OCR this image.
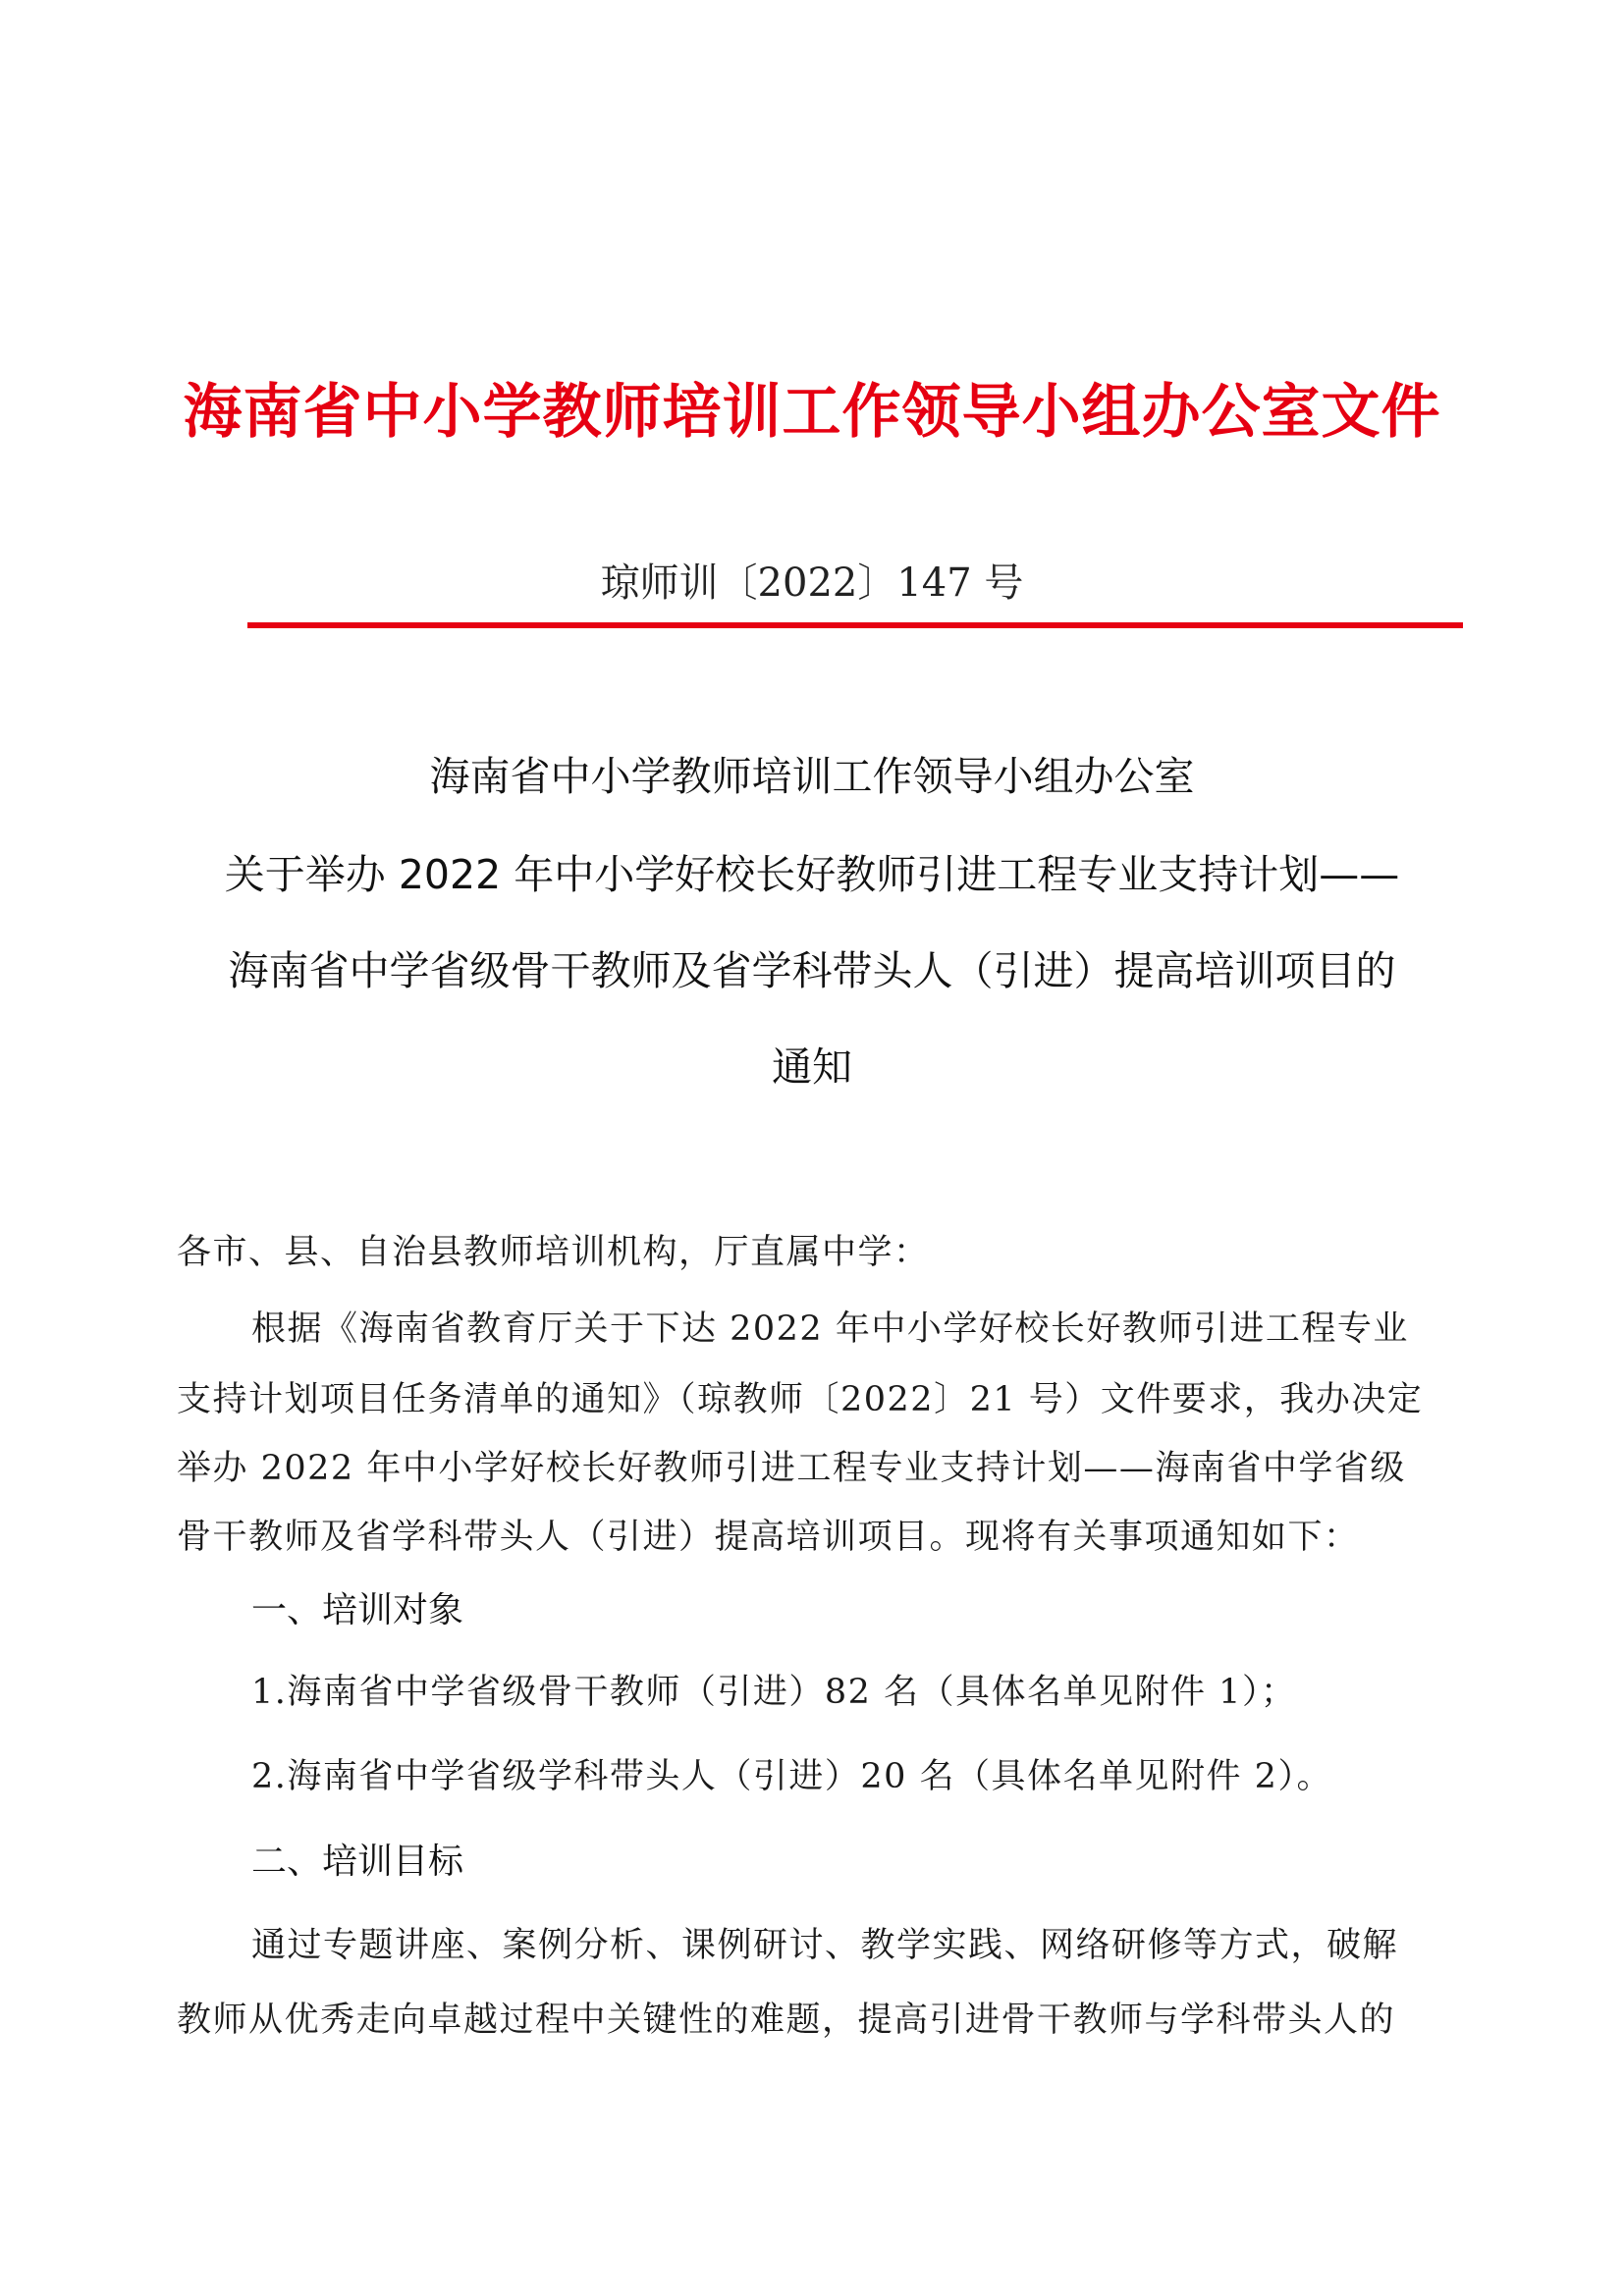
海南省中小学教师培训工作领导小组办公室文件
琼师训〔2022〕147 号
海南省中小学教师培训工作领导小组办公室
关于举办 2022 年中小学好校长好教师引进工程专业支持计划——
海南省中学省级骨干教师及省学科带头人（引进）提高培训项目的
通知
各市、县、自治县教师培训机构，厅直属中学：
根据《海南省教育厅关于下达 2022 年中小学好校长好教师引进工程专业
支持计划项目任务清单的通知》（琼教师〔2022〕21 号）文件要求，我办决定
举办 2022 年中小学好校长好教师引进工程专业支持计划——海南省中学省级
骨干教师及省学科带头人（引进）提高培训项目。现将有关事项通知如下：
一、培训对象
1.海南省中学省级骨干教师（引进）82 名（具体名单见附件 1）；
2.海南省中学省级学科带头人（引进）20 名（具体名单见附件 2）。
二、培训目标
通过专题讲座、案例分析、课例研讨、教学实践、网络研修等方式，破解
教师从优秀走向卓越过程中关键性的难题，提高引进骨干教师与学科带头人的
